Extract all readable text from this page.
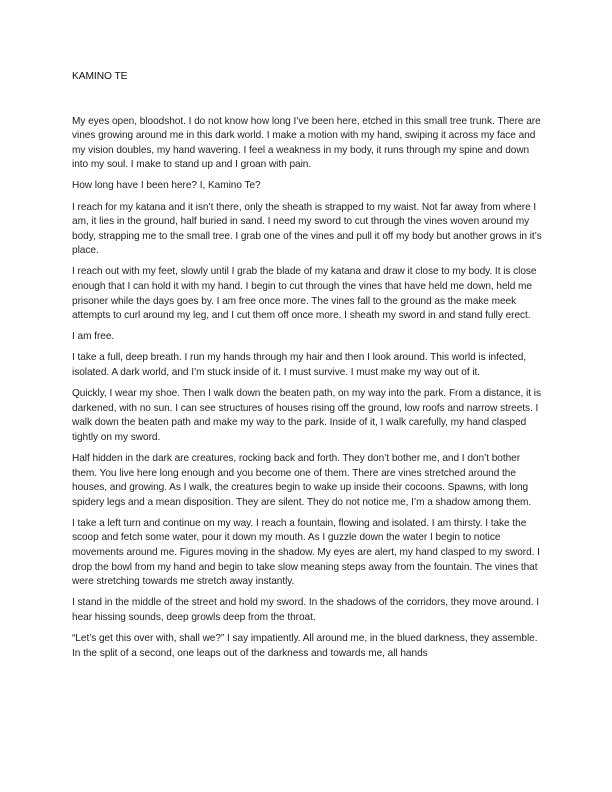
KAMINO TE

My eyes open, bloodshot. I do not know how long I’ve been here, etched in this small tree trunk. There are vines growing around me in this dark world. I make a motion with my hand, swiping it across my face and my vision doubles, my hand wavering. I feel a weakness in my body, it runs through my spine and down into my soul. I make to stand up and I groan with pain.

How long have I been here? I, Kamino Te?

I reach for my katana and it isn’t there, only the sheath is strapped to my waist. Not far away from where I am, it lies in the ground, half buried in sand. I need my sword to cut through the vines woven around my body, strapping me to the small tree. I grab one of the vines and pull it off my body but another grows in it’s place.

I reach out with my feet, slowly until I grab the blade of my katana and draw it close to my body. It is close enough that I can hold it with my hand. I begin to cut through the vines that have held me down, held me prisoner while the days goes by. I am free once more. The vines fall to the ground as the make meek attempts to curl around my leg, and I cut them off once more. I sheath my sword in and stand fully erect.

I am free.

I take a full, deep breath. I run my hands through my hair and then I look around. This world is infected, isolated. A dark world, and I’m stuck inside of it. I must survive. I must make my way out of it.

Quickly, I wear my shoe. Then I walk down the beaten path, on my way into the park. From a distance, it is darkened, with no sun. I can see structures of houses rising off the ground, low roofs and narrow streets. I walk down the beaten path and make my way to the park. Inside of it, I walk carefully, my hand clasped tightly on my sword.

Half hidden in the dark are creatures, rocking back and forth. They don’t bother me, and I don’t bother them. You live here long enough and you become one of them. There are vines stretched around the houses, and growing. As I walk, the creatures begin to wake up inside their cocoons. Spawns, with long spidery legs and a mean disposition. They are silent. They do not notice me, I’m a shadow among them.

I take a left turn and continue on my way. I reach a fountain, flowing and isolated. I am thirsty. I take the scoop and fetch some water, pour it down my mouth. As I guzzle down the water I begin to notice movements around me. Figures moving in the shadow. My eyes are alert, my hand clasped to my sword. I drop the bowl from my hand and begin to take slow meaning steps away from the fountain. The vines that were stretching towards me stretch away instantly.

I stand in the middle of the street and hold my sword. In the shadows of the corridors, they move around. I hear hissing sounds, deep growls deep from the throat.

“Let’s get this over with, shall we?” I say impatiently. All around me, in the blued darkness, they assemble. In the split of a second, one leaps out of the darkness and towards me, all hands
